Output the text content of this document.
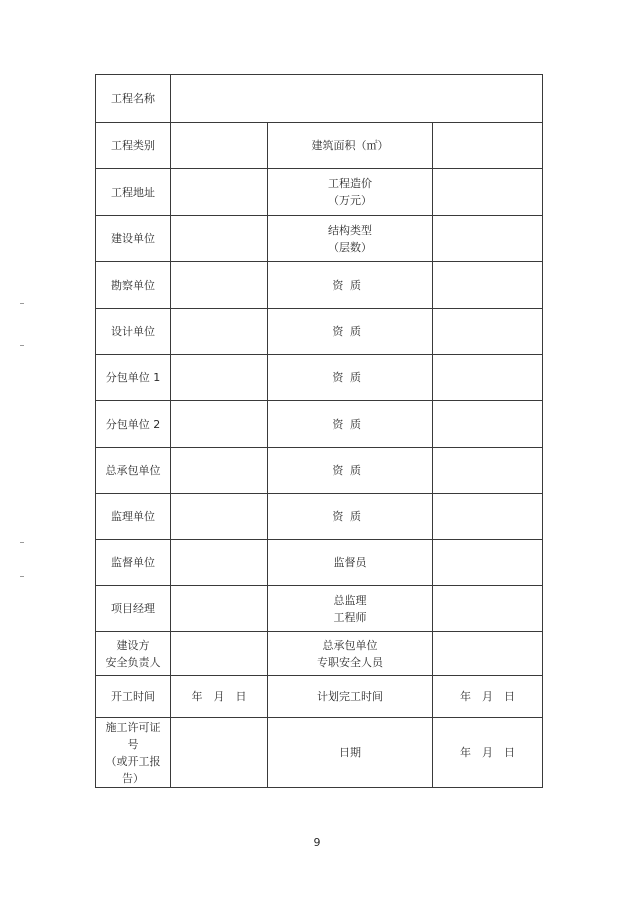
工程名称			
工程类别		建筑面积（㎡）	
工程地址		工程造价
（万元）	
建设单位		结构类型
（层数）	
勘察单位		资质	
设计单位		资质	
分包单位 1		资质	
分包单位 2		资质	
总承包单位		资质	
监理单位		资质	
监督单位		监督员	
项目经理		总监理
工程师	
建设方
安全负责人		总承包单位
专职安全人员	
开工时间	年　月　日	计划完工时间	年　月　日
施工许可证
号
（或开工报
告）		日期	年　月　日
9
